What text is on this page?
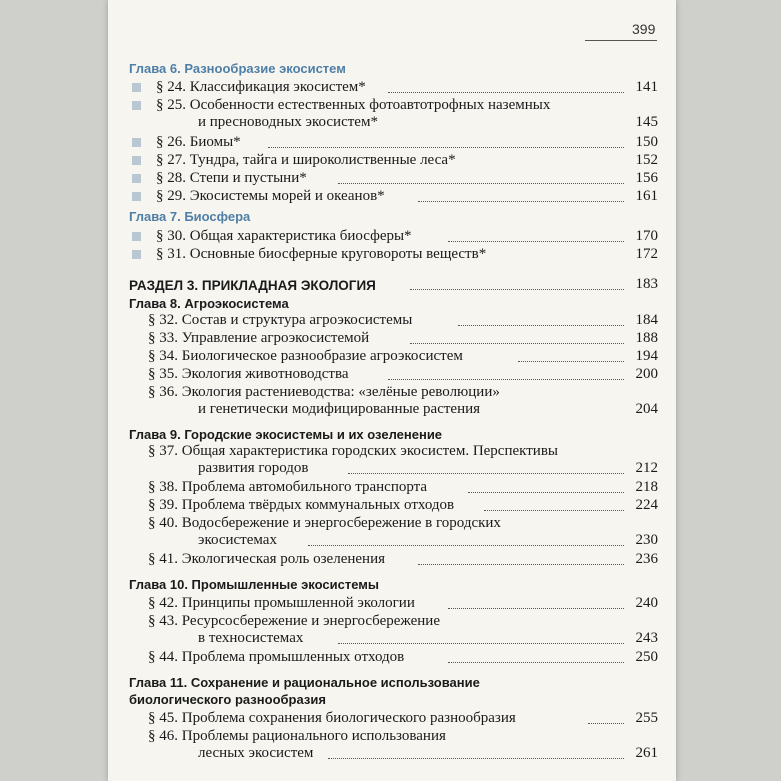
399
Глава 6. Разнообразие экосистем
§ 24. Классификация экосистем*	141
§ 25. Особенности естественных фотоавтотрофных наземных
и пресноводных экосистем*	145
§ 26. Биомы*	150
§ 27. Тундра, тайга и широколиственные леса*	152
§ 28. Степи и пустыни*	156
§ 29. Экосистемы морей и океанов*	161
Глава 7. Биосфера
§ 30. Общая характеристика биосферы*	170
§ 31. Основные биосферные круговороты веществ*	172
РАЗДЕЛ 3. ПРИКЛАДНАЯ ЭКОЛОГИЯ	183
Глава 8. Агроэкосистема
§ 32. Состав и структура агроэкосистемы	184
§ 33. Управление агроэкосистемой	188
§ 34. Биологическое разнообразие агроэкосистем	194
§ 35. Экология животноводства	200
§ 36. Экология растениеводства: «зелёные революции»
и генетически модифицированные растения	204
Глава 9. Городские экосистемы и их озеленение
§ 37. Общая характеристика городских экосистем. Перспективы
развития городов	212
§ 38. Проблема автомобильного транспорта	218
§ 39. Проблема твёрдых коммунальных отходов	224
§ 40. Водосбережение и энергосбережение в городских
экосистемах	230
§ 41. Экологическая роль озеленения	236
Глава 10. Промышленные экосистемы
§ 42. Принципы промышленной экологии	240
§ 43. Ресурсосбережение и энергосбережение
в техносистемах	243
§ 44. Проблема промышленных отходов	250
Глава 11. Сохранение и рациональное использование
биологического разнообразия
§ 45. Проблема сохранения биологического разнообразия	255
§ 46. Проблемы рационального использования
лесных экосистем	261
